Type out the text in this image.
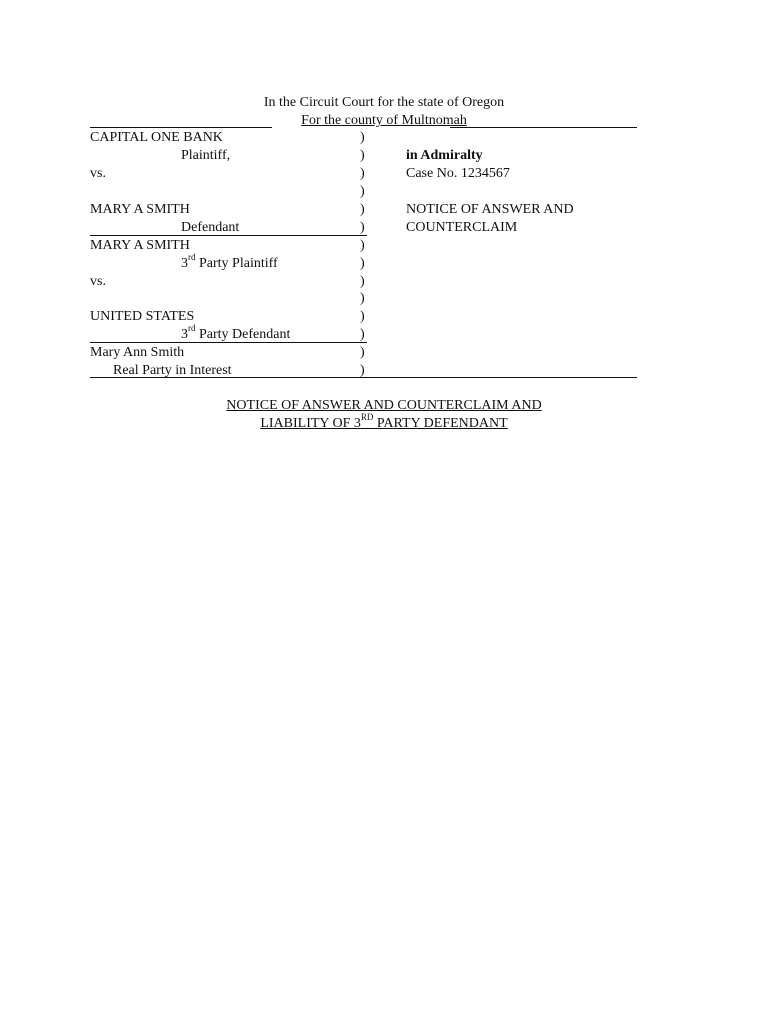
In the Circuit Court for the state of Oregon
For the county of Multnomah
CAPITAL ONE BANK
Plaintiff,
vs.
MARY A SMITH
Defendant
MARY A SMITH
3rd Party Plaintiff
vs.
UNITED STATES
3rd Party Defendant
Mary Ann Smith
Real Party in Interest
)
)
)
)
)
)
)
)
)
)
)
)
)
)
in Admiralty
Case No. 1234567
NOTICE OF ANSWER AND
COUNTERCLAIM
NOTICE OF ANSWER AND COUNTERCLAIM AND
LIABILITY OF 3RD PARTY DEFENDANT
